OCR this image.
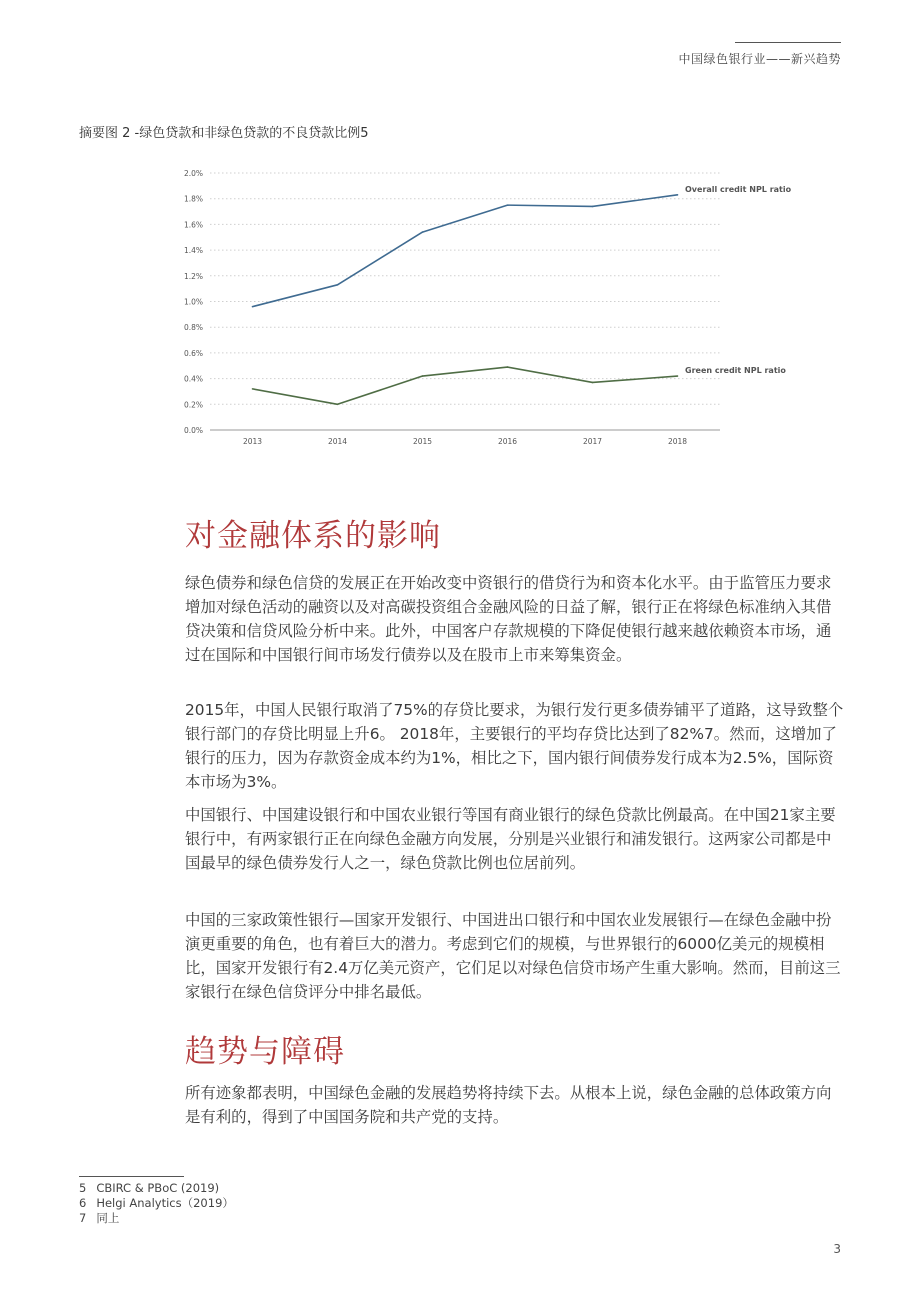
中国绿色银行业——新兴趋势
摘要图 2 -绿色贷款和非绿色贷款的不良贷款比例5
0.0%
0.2%
0.4%
0.6%
0.8%
1.0%
1.2%
1.4%
1.6%
1.8%
2.0%
2013	2014	2015	2016	2017	2018
Overall credit NPL ratio
Green credit NPL ratio
对金融体系的影响
绿色债券和绿色信贷的发展正在开始改变中资银行的借贷行为和资本化水平。由于监管压力要求增加对绿色活动的融资以及对高碳投资组合金融风险的日益了解，银行正在将绿色标准纳入其借贷决策和信贷风险分析中来。此外，中国客户存款规模的下降促使银行越来越依赖资本市场，通过在国际和中国银行间市场发行债券以及在股市上市来筹集资金。
2015年，中国人民银行取消了75%的存贷比要求，为银行发行更多债券铺平了道路，这导致整个银行部门的存贷比明显上升6。 2018年，主要银行的平均存贷比达到了82%7。然而，这增加了银行的压力，因为存款资金成本约为1%，相比之下，国内银行间债券发行成本为2.5%，国际资本市场为3%。
中国银行、中国建设银行和中国农业银行等国有商业银行的绿色贷款比例最高。在中国21家主要银行中，有两家银行正在向绿色金融方向发展，分别是兴业银行和浦发银行。这两家公司都是中国最早的绿色债券发行人之一，绿色贷款比例也位居前列。
中国的三家政策性银行—国家开发银行、中国进出口银行和中国农业发展银行—在绿色金融中扮演更重要的角色，也有着巨大的潜力。考虑到它们的规模，与世界银行的6000亿美元的规模相比，国家开发银行有2.4万亿美元资产，它们足以对绿色信贷市场产生重大影响。然而，目前这三家银行在绿色信贷评分中排名最低。
趋势与障碍
所有迹象都表明，中国绿色金融的发展趋势将持续下去。从根本上说，绿色金融的总体政策方向是有利的，得到了中国国务院和共产党的支持。
5 CBIRC & PBoC (2019)
6 Helgi Analytics（2019）
7 同上
3
